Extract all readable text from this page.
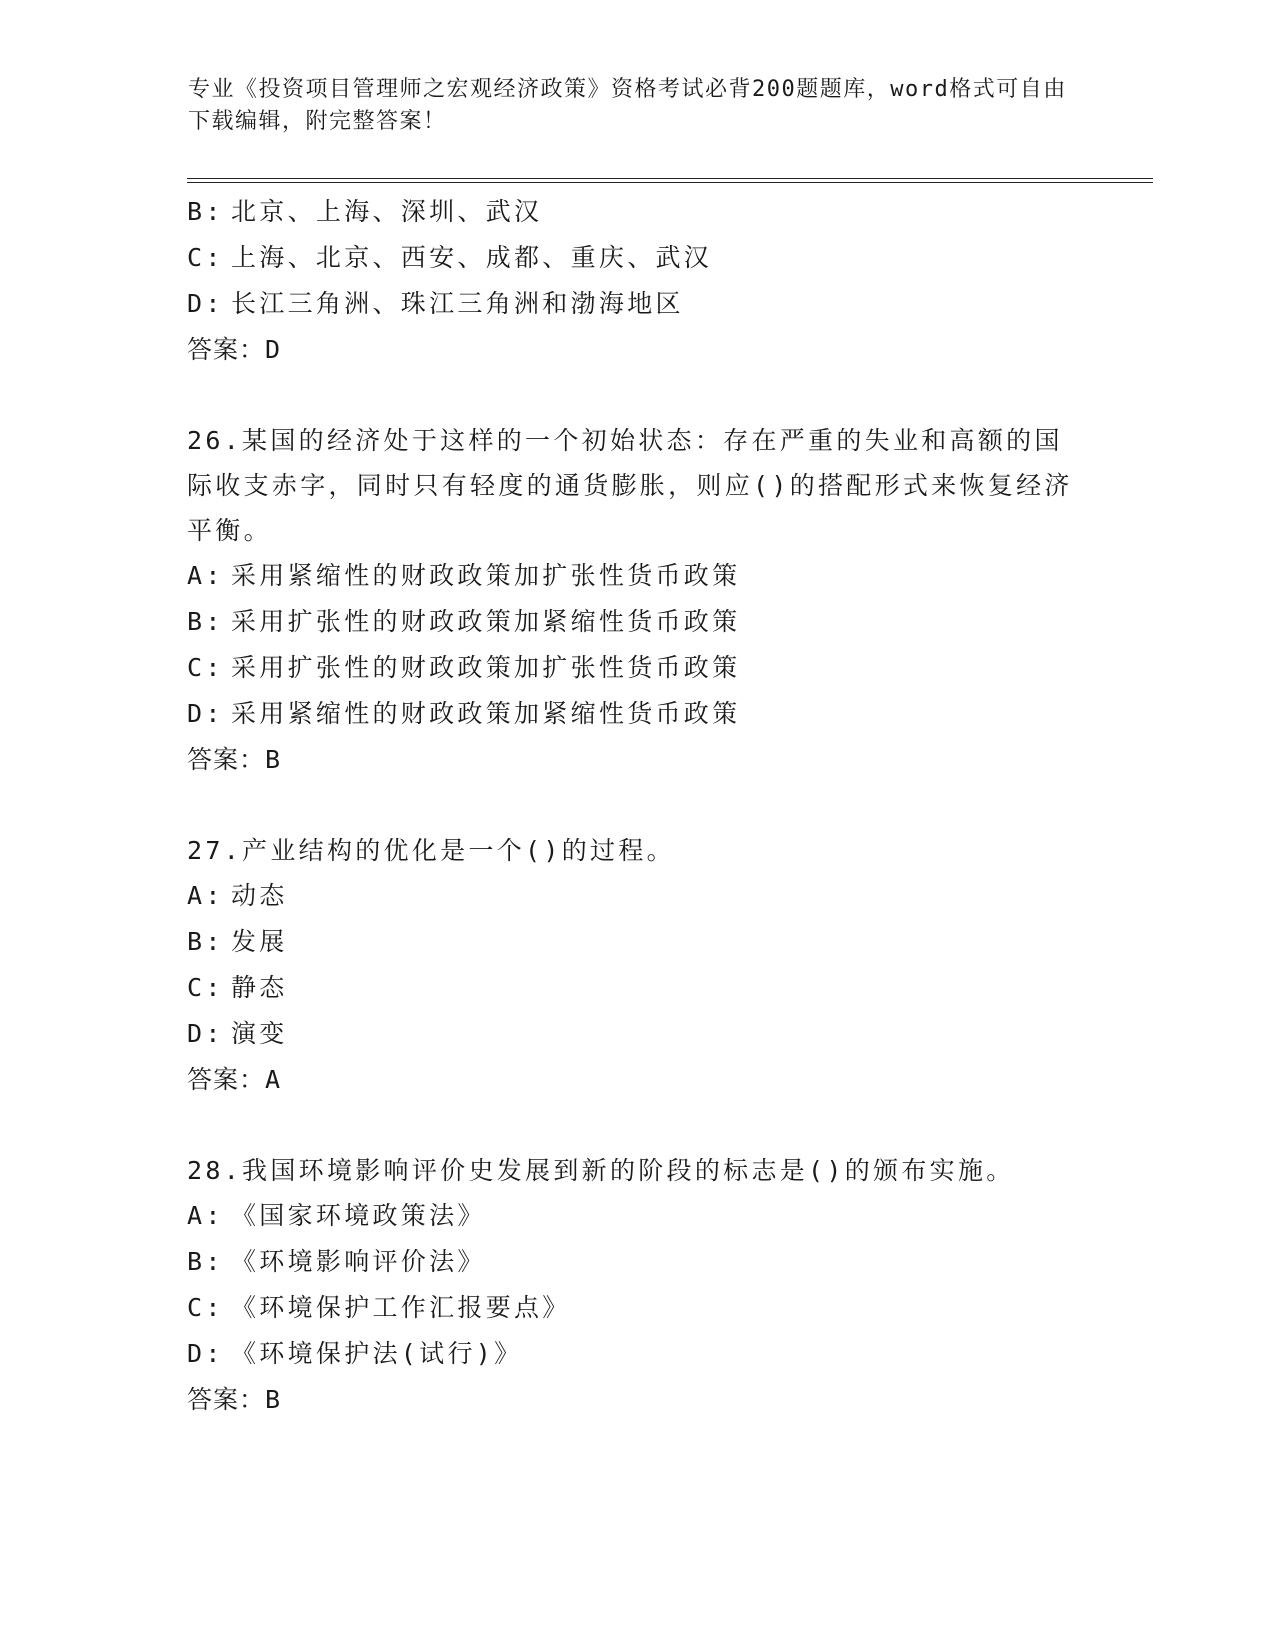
专业《投资项目管理师之宏观经济政策》资格考试必背200题题库，word格式可自由下载编辑，附完整答案！
B: 北京、上海、深圳、武汉
C: 上海、北京、西安、成都、重庆、武汉
D: 长江三角洲、珠江三角洲和渤海地区
答案：D
26.某国的经济处于这样的一个初始状态：存在严重的失业和高额的国际收支赤字，同时只有轻度的通货膨胀，则应()的搭配形式来恢复经济平衡。
A: 采用紧缩性的财政政策加扩张性货币政策
B: 采用扩张性的财政政策加紧缩性货币政策
C: 采用扩张性的财政政策加扩张性货币政策
D: 采用紧缩性的财政政策加紧缩性货币政策
答案：B
27.产业结构的优化是一个()的过程。
A: 动态
B: 发展
C: 静态
D: 演变
答案：A
28.我国环境影响评价史发展到新的阶段的标志是()的颁布实施。
A: 《国家环境政策法》
B: 《环境影响评价法》
C: 《环境保护工作汇报要点》
D: 《环境保护法(试行)》
答案：B
